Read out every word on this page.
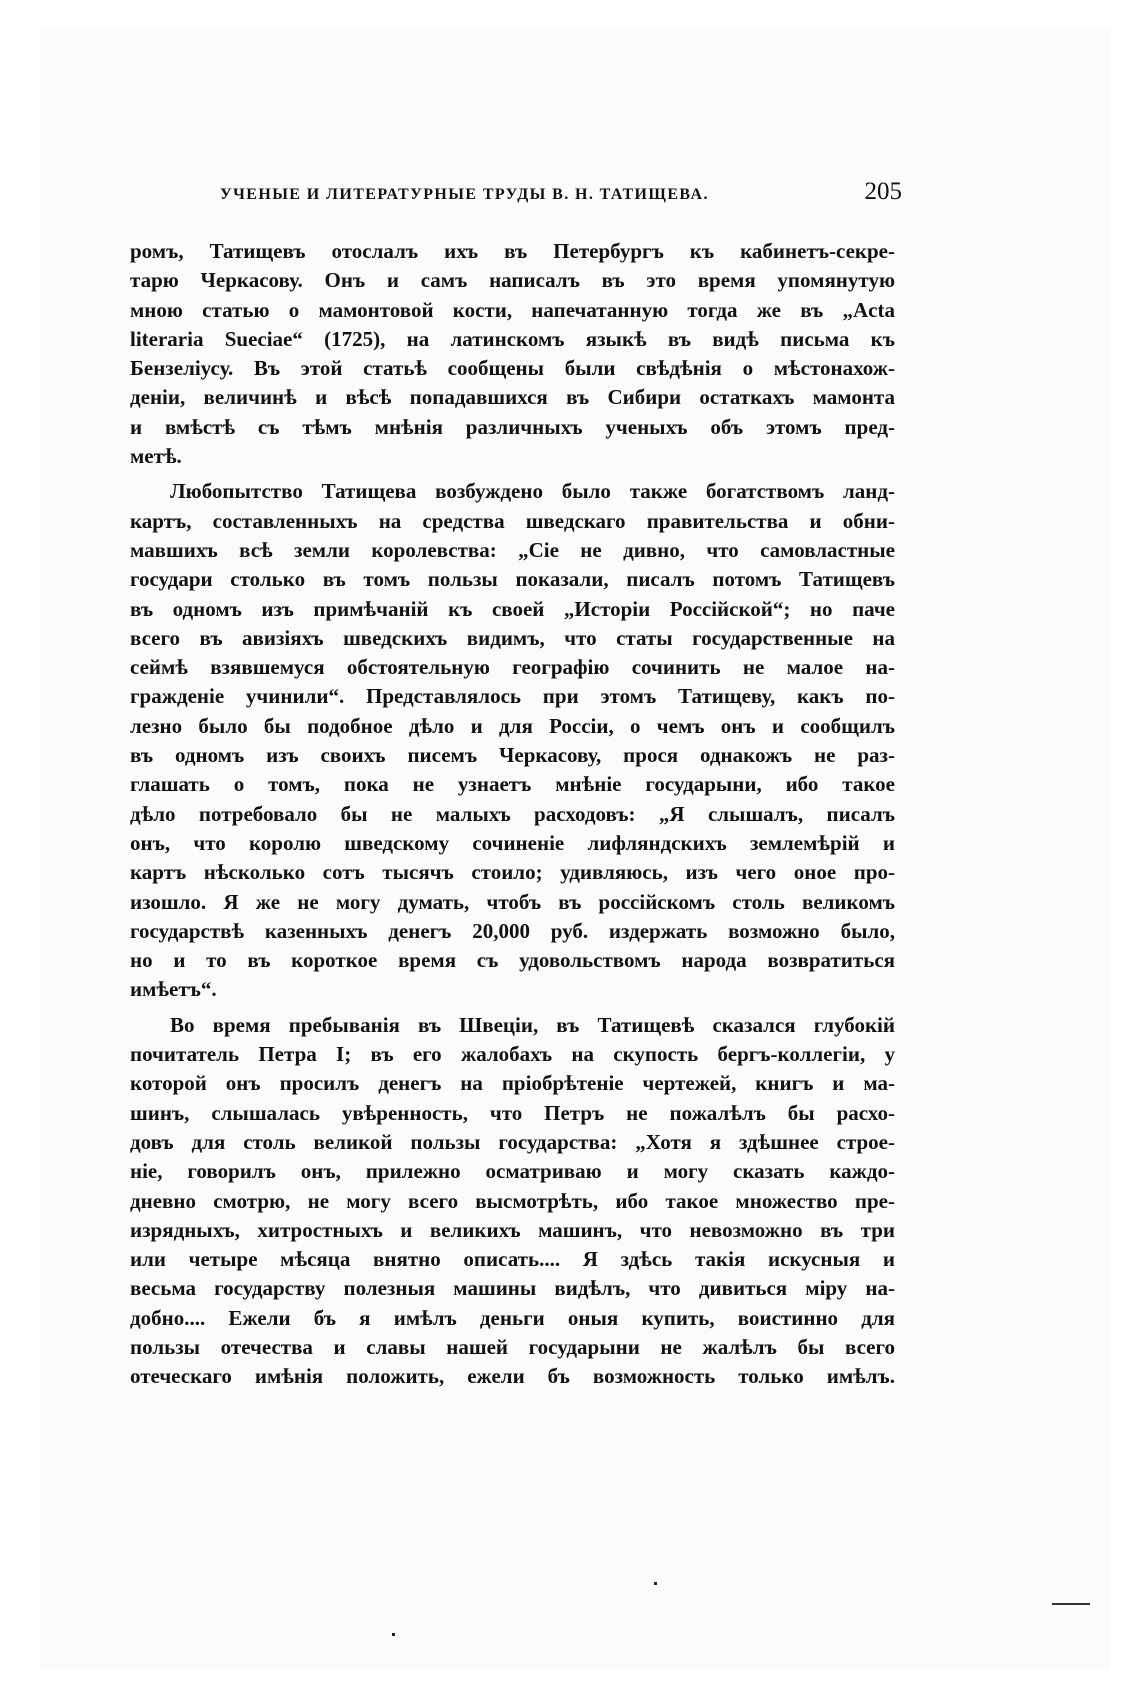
УЧЕНЫЕ И ЛИТЕРАТУРНЫЕ ТРУДЫ В. Н. ТАТИЩЕВА.	205
ромъ, Татищевъ отослалъ ихъ въ Петербургъ къ кабинетъ-секре-
тарю Черкасову. Онъ и самъ написалъ въ это время упомянутую
мною статью о мамонтовой кости, напечатанную тогда же въ „Acta
literaria Sueciae“ (1725), на латинскомъ языкѣ въ видѣ письма къ
Бензеліусу. Въ этой статьѣ сообщены были свѣдѣнія о мѣстонахож-
деніи, величинѣ и вѣсѣ попадавшихся въ Сибири остаткахъ мамонта
и вмѣстѣ съ тѣмъ мнѣнія различныхъ ученыхъ объ этомъ пред-
метѣ.
Любопытство Татищева возбуждено было также богатствомъ ланд-
картъ, составленныхъ на средства шведскаго правительства и обни-
мавшихъ всѣ земли королевства: „Сіе не дивно, что самовластные
государи столько въ томъ пользы показали, писалъ потомъ Татищевъ
въ одномъ изъ примѣчаній къ своей „Исторіи Россійской“; но паче
всего въ авизіяхъ шведскихъ видимъ, что статы государственные на
сеймѣ взявшемуся обстоятельную географію сочинить не малое на-
гражденіе учинили“. Представлялось при этомъ Татищеву, какъ по-
лезно было бы подобное дѣло и для Россіи, о чемъ онъ и сообщилъ
въ одномъ изъ своихъ писемъ Черкасову, прося однакожъ не раз-
глашать о томъ, пока не узнаетъ мнѣніе государыни, ибо такое
дѣло потребовало бы не малыхъ расходовъ: „Я слышалъ, писалъ
онъ, что королю шведскому сочиненіе лифляндскихъ землемѣрій и
картъ нѣсколько сотъ тысячъ стоило; удивляюсь, изъ чего оное про-
изошло. Я же не могу думать, чтобъ въ россійскомъ столь великомъ
государствѣ казенныхъ денегъ 20,000 руб. издержать возможно было,
но и то въ короткое время съ удовольствомъ народа возвратиться
имѣетъ“.
Во время пребыванія въ Швеціи, въ Татищевѣ сказался глубокій
почитатель Петра I; въ его жалобахъ на скупость бергъ-коллегіи, у
которой онъ просилъ денегъ на пріобрѣтеніе чертежей, книгъ и ма-
шинъ, слышалась увѣренность, что Петръ не пожалѣлъ бы расхо-
довъ для столь великой пользы государства: „Хотя я здѣшнее строе-
ніе, говорилъ онъ, прилежно осматриваю и могу сказать каждо-
дневно смотрю, не могу всего высмотрѣть, ибо такое множество пре-
изрядныхъ, хитростныхъ и великихъ машинъ, что невозможно въ три
или четыре мѣсяца внятно описать.... Я здѣсь такія искусныя и
весьма государству полезныя машины видѣлъ, что дивиться міру на-
добно.... Ежели бъ я имѣлъ деньги оныя купить, воистинно для
пользы отечества и славы нашей государыни не жалѣлъ бы всего
отеческаго имѣнія положить, ежели бъ возможность только имѣлъ.
